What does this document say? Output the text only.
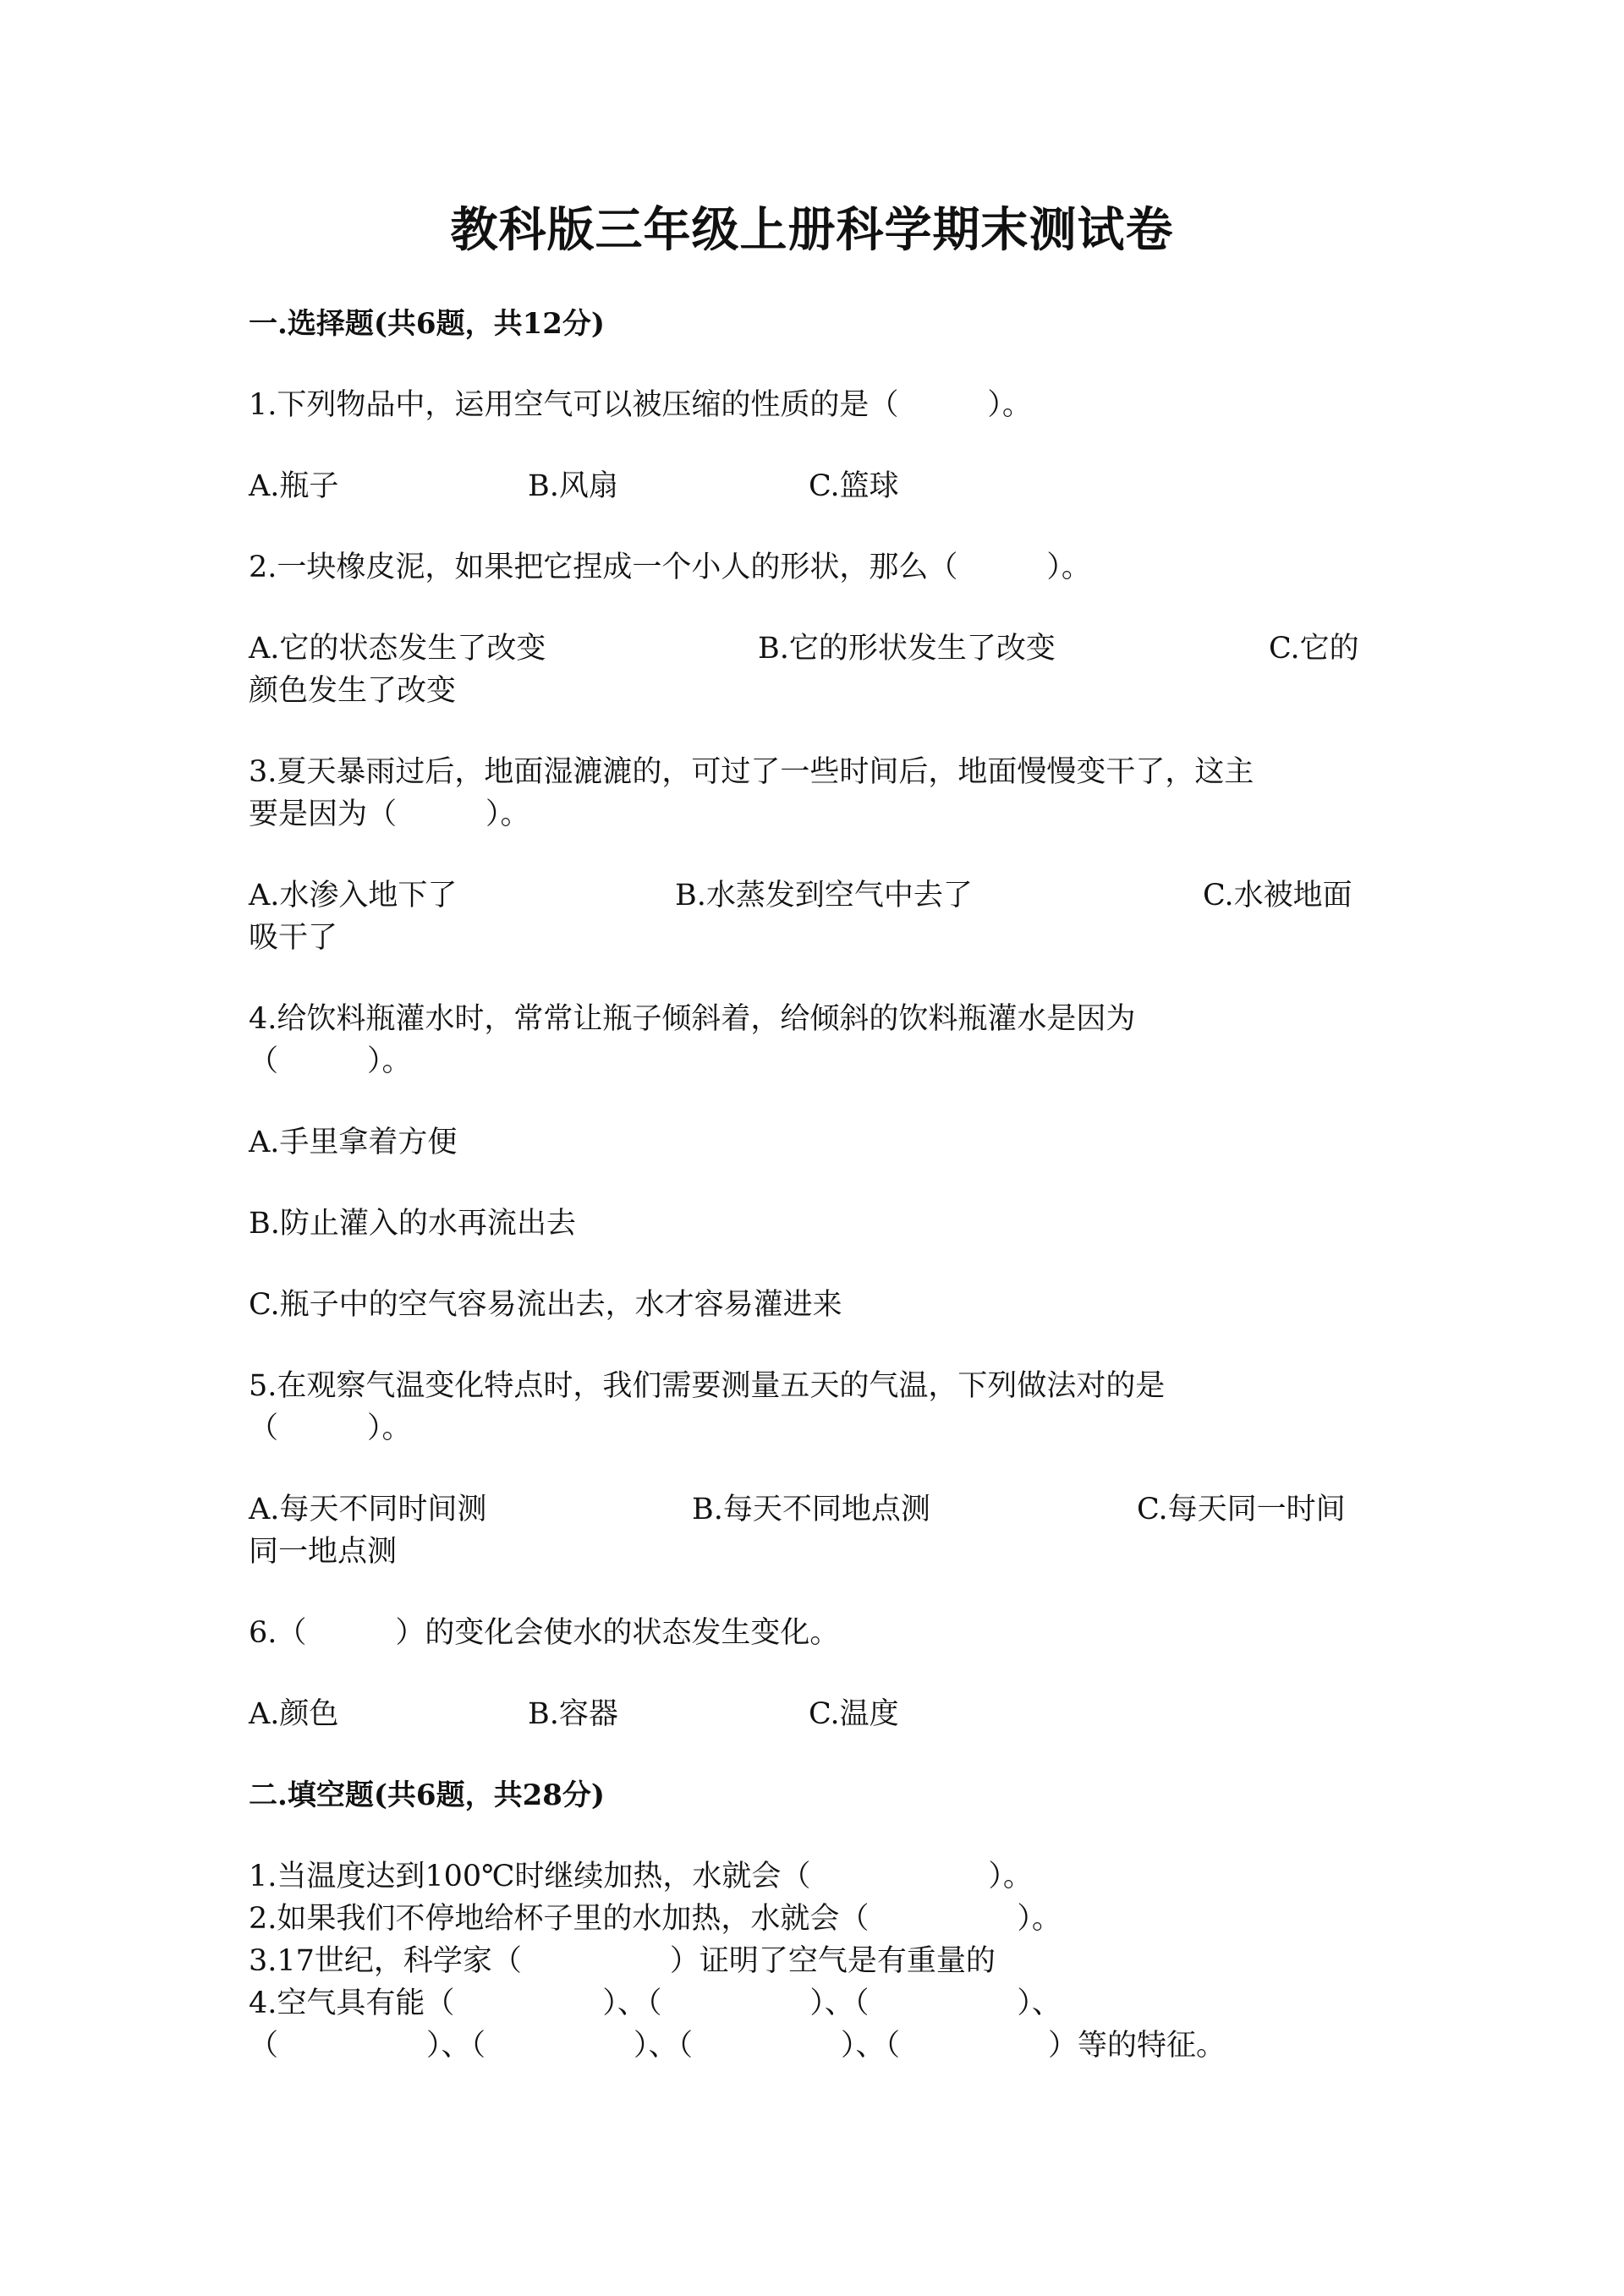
教科版三年级上册科学期末测试卷
一.选择题(共6题，共12分)
1.下列物品中，运用空气可以被压缩的性质的是（　　　）。
A.瓶子	B.风扇	C.篮球
2.一块橡皮泥，如果把它捏成一个小人的形状，那么（　　　）。
A.它的状态发生了改变	B.它的形状发生了改变	C.它的
颜色发生了改变
3.夏天暴雨过后，地面湿漉漉的，可过了一些时间后，地面慢慢变干了，这主
要是因为（　　　）。
A.水渗入地下了	B.水蒸发到空气中去了	C.水被地面
吸干了
4.给饮料瓶灌水时，常常让瓶子倾斜着，给倾斜的饮料瓶灌水是因为
（　　　）。
A.手里拿着方便
B.防止灌入的水再流出去
C.瓶子中的空气容易流出去，水才容易灌进来
5.在观察气温变化特点时，我们需要测量五天的气温，下列做法对的是
（　　　）。
A.每天不同时间测	B.每天不同地点测	C.每天同一时间
同一地点测
6.（　　　）的变化会使水的状态发生变化。
A.颜色	B.容器	C.温度
二.填空题(共6题，共28分)
1.当温度达到100℃时继续加热，水就会（　　　　　　）。
2.如果我们不停地给杯子里的水加热，水就会（　　　　　）。
3.17世纪，科学家（　　　　　）证明了空气是有重量的
4.空气具有能（　　　　　）、（　　　　　）、（　　　　　）、
（　　　　　）、（　　　　　）、（　　　　　）、（　　　　　）等的特征。
